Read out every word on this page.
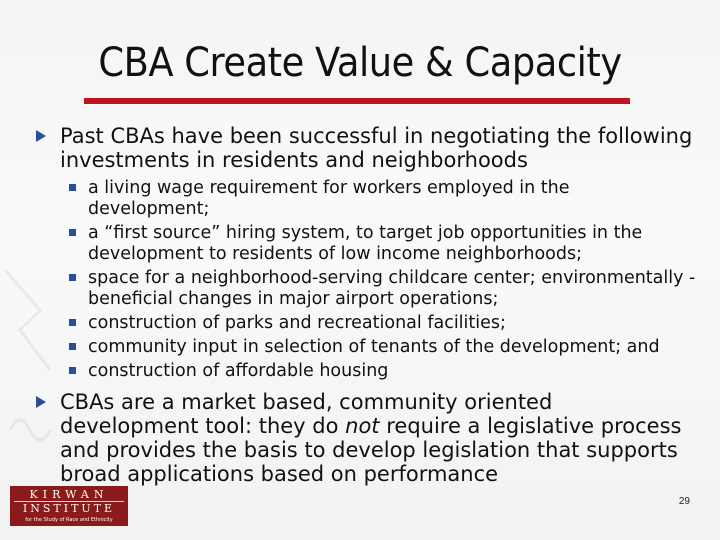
CBA Create Value & Capacity
Past CBAs have been successful in negotiating the following investments in residents and neighborhoods
a living wage requirement for workers employed in the development;
a “first source” hiring system, to target job opportunities in the development to residents of low income neighborhoods;
space for a neighborhood-serving childcare center; environmentally -beneficial changes in major airport operations;
construction of parks and recreational facilities;
community input in selection of tenants of the development; and
construction of affordable housing
CBAs are a market based, community oriented development tool: they do not require a legislative process and provides the basis to develop legislation that supports broad applications based on performance
KIRWAN
INSTITUTE
for the Study of Race and Ethnicity
29
